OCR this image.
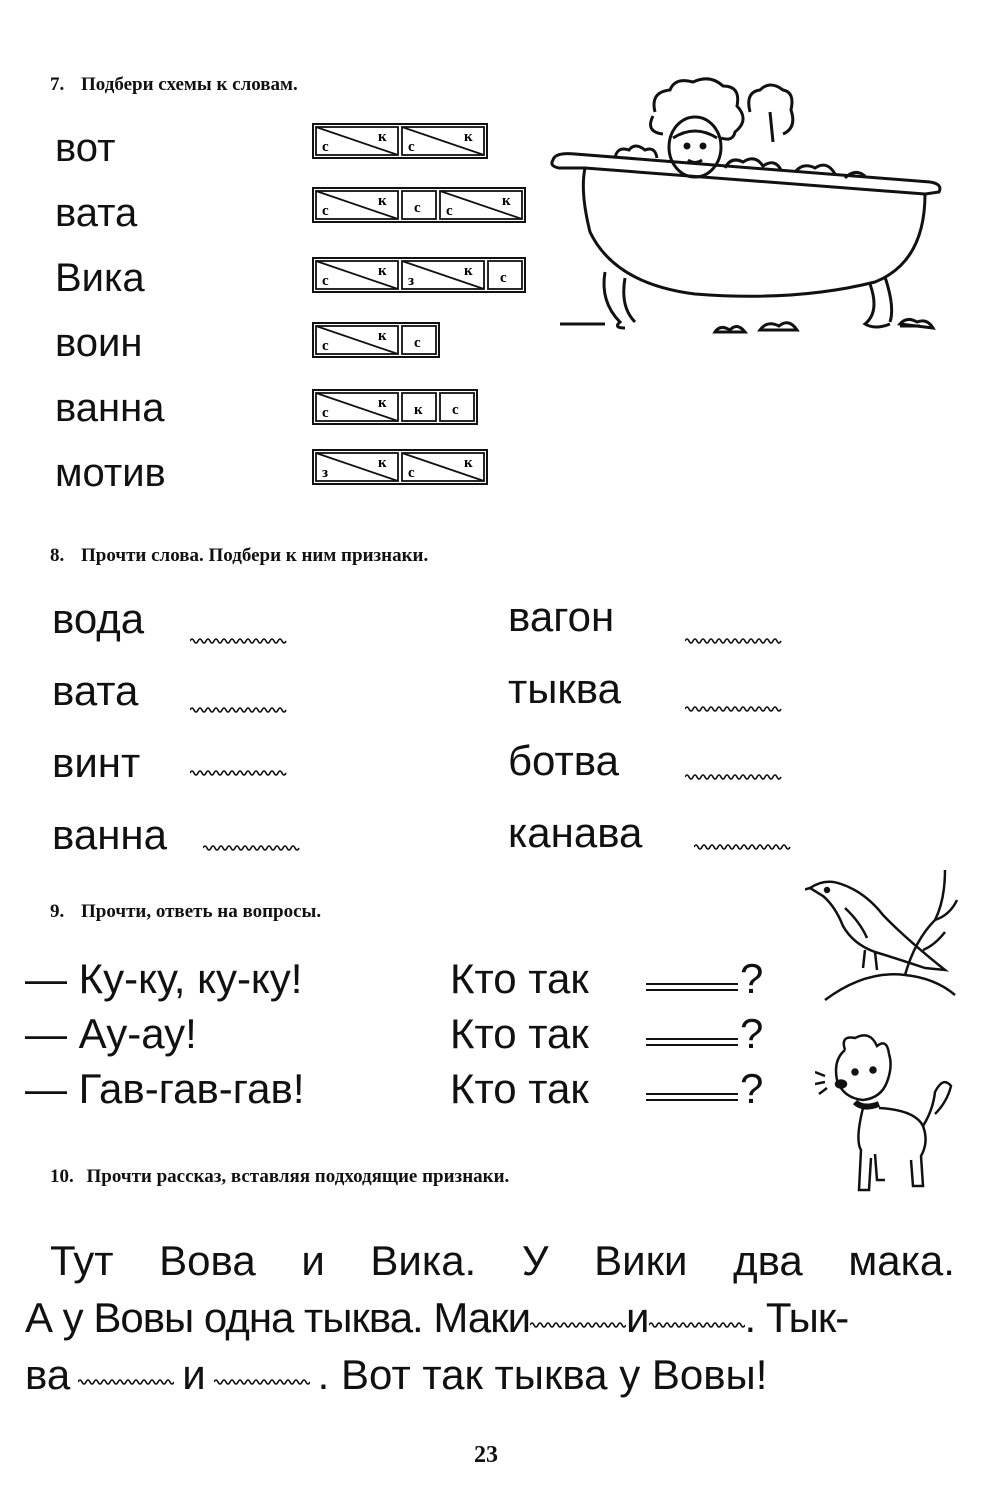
7. Подбери схемы к словам.
вот
вата
Вика
воин
ванна
мотив
с
к
с
к
с
к с с
к
с
к
з
к с
с
к с
с
к к с
з
к
с
к
8. Прочти слова. Подбери к ним признаки.
вода
вата
винт
ванна
вагон
тыква
ботва
канава
9. Прочти, ответь на вопросы.
— Ку-ку, ку-ку!
— Ау-ау!
— Гав-гав-гав!
Кто так
Кто так
Кто так
?
?
?
10. Прочти рассказ, вставляя подходящие признаки.
Тут Вова и Вика. У Вики два мака.
А у Вовы одна тыква. Маки и . Тык-
ва	и	. Вот так тыква у Вовы!
23
